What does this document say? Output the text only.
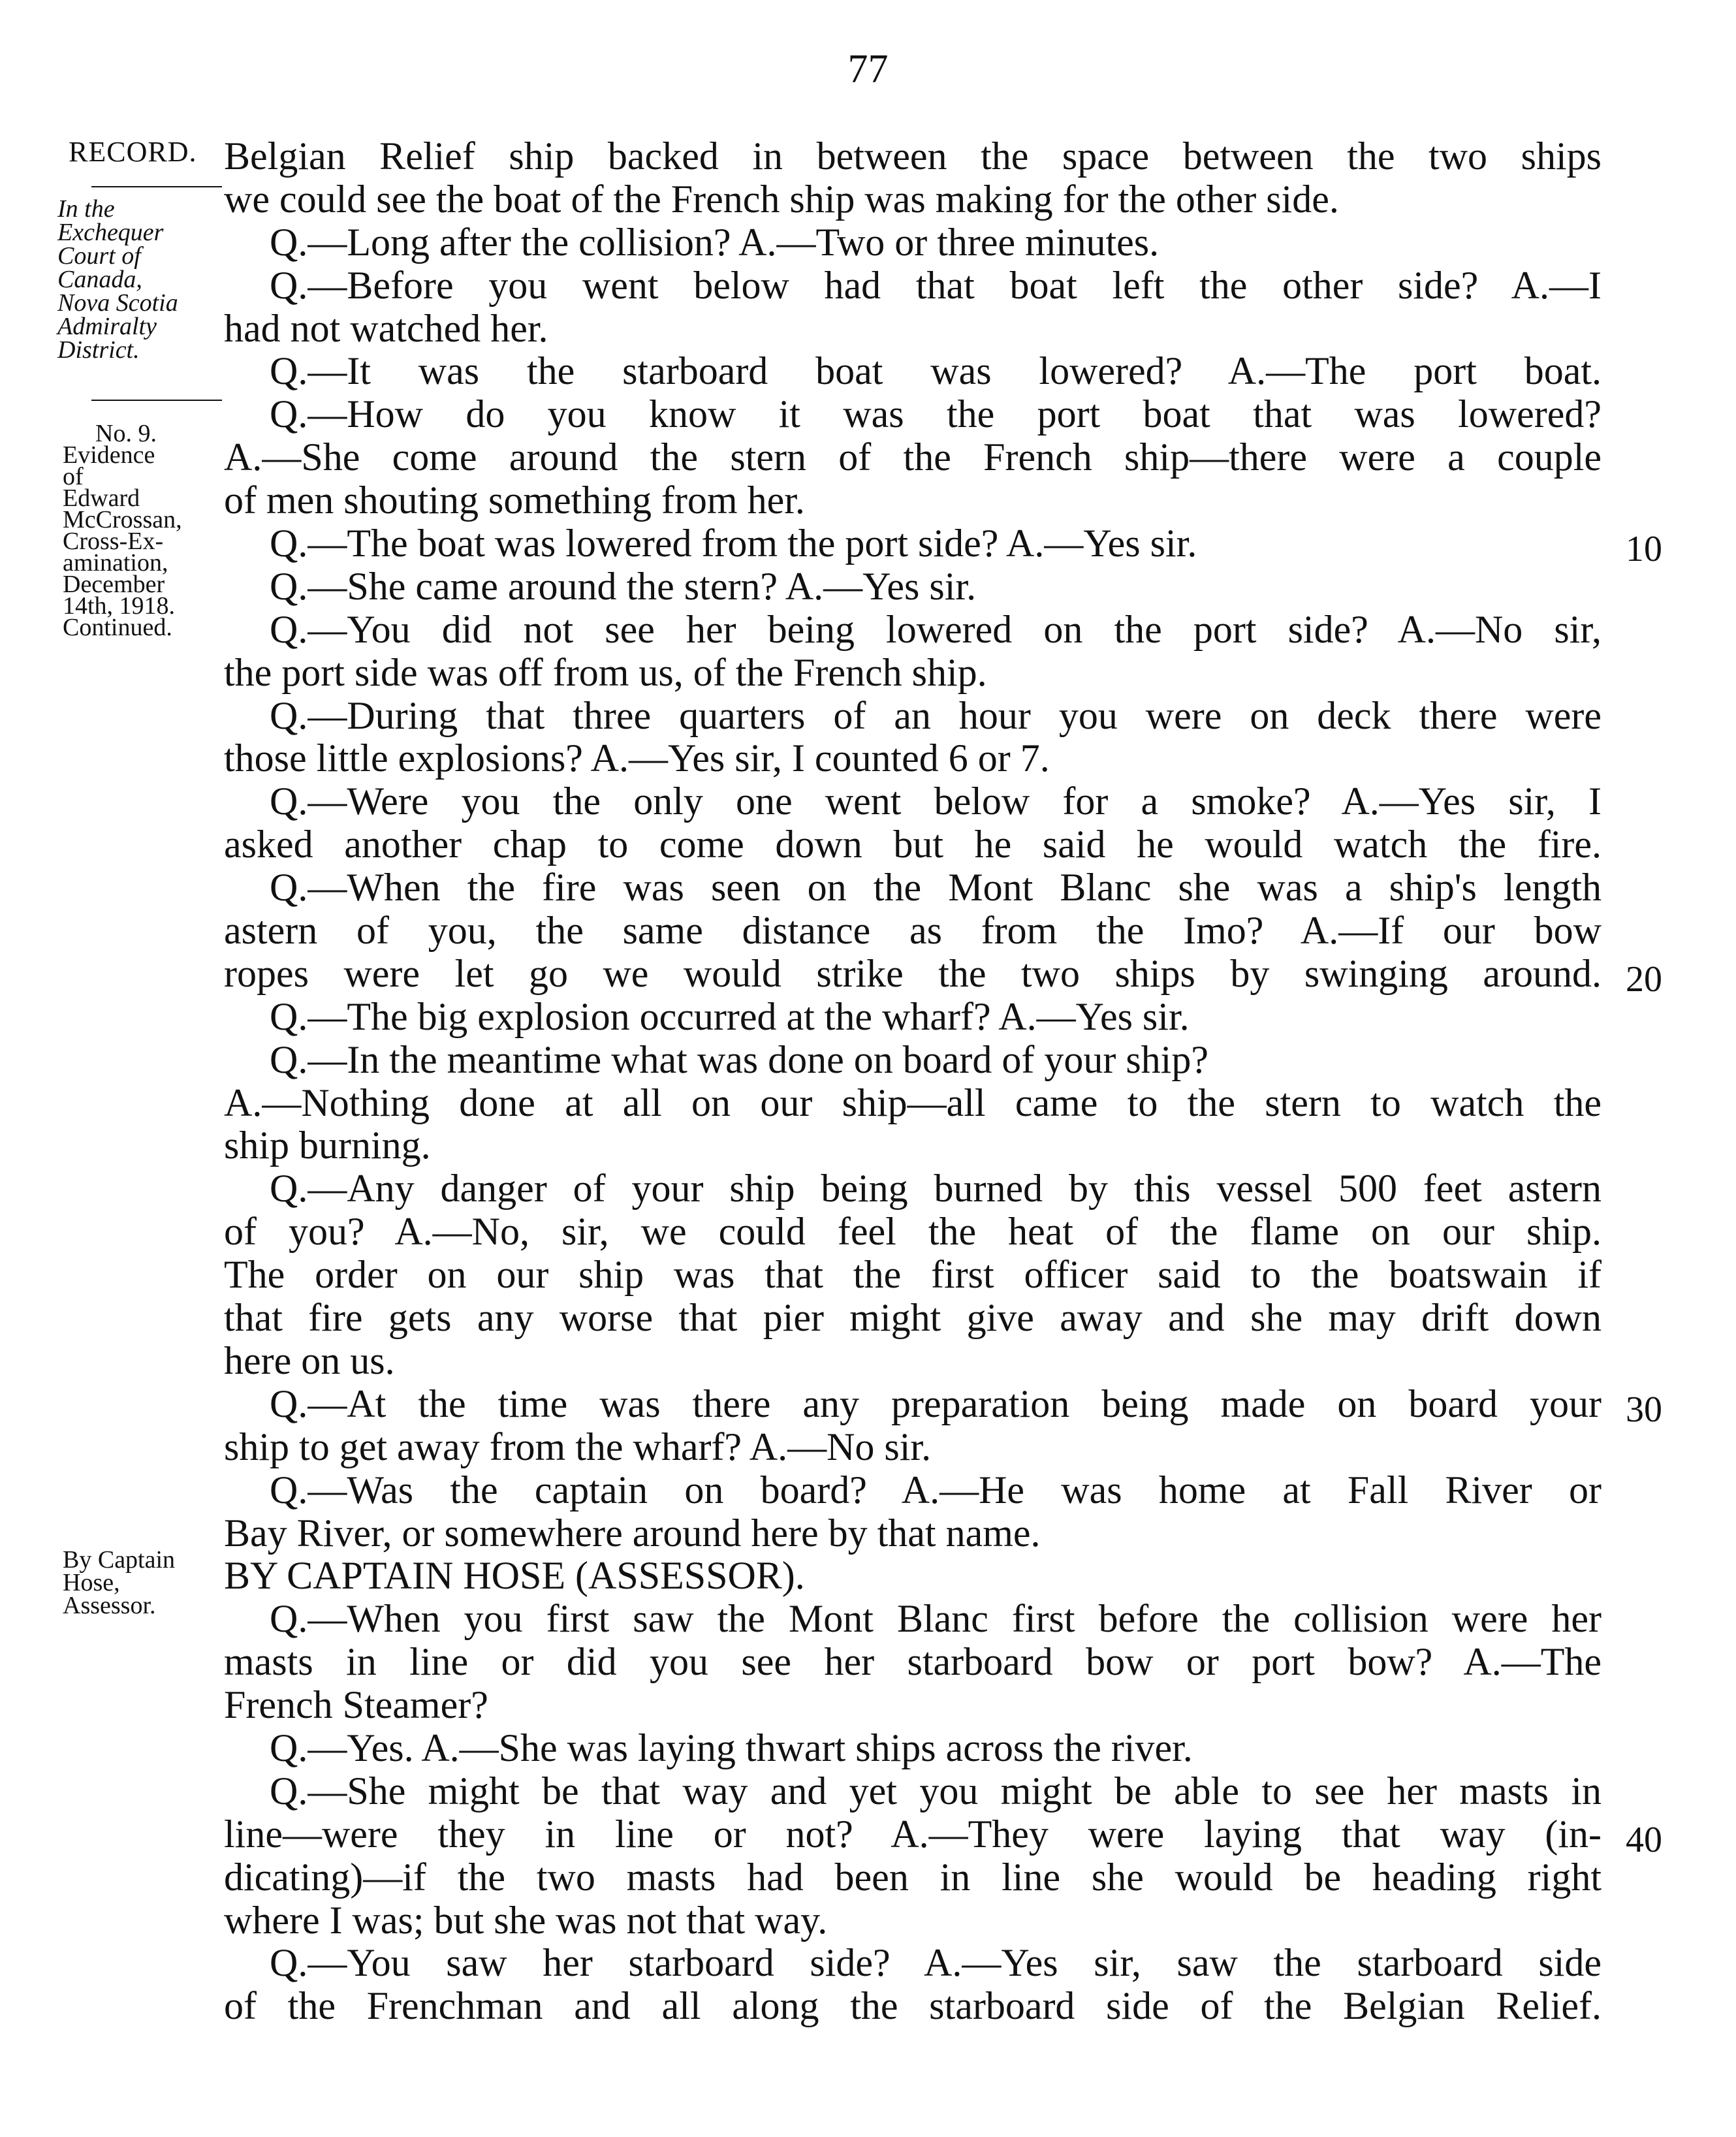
77
RECORD.
In the
Exchequer
Court of
Canada,
Nova Scotia
Admiralty
District.
No. 9.
Evidence
of
Edward
McCrossan,
Cross-Ex-
amination,
December
14th, 1918.
Continued.
By Captain
Hose,
Assessor.
Belgian Relief ship backed in between the space between the two ships
we could see the boat of the French ship was making for the other side.
Q.—Long after the collision? A.—Two or three minutes.
Q.—Before you went below had that boat left the other side? A.—I
had not watched her.
Q.—It was the starboard boat was lowered? A.—The port boat.
Q.—How do you know it was the port boat that was lowered?
A.—She come around the stern of the French ship—there were a couple
of men shouting something from her.
Q.—The boat was lowered from the port side? A.—Yes sir.
Q.—She came around the stern? A.—Yes sir.
Q.—You did not see her being lowered on the port side? A.—No sir,
the port side was off from us, of the French ship.
Q.—During that three quarters of an hour you were on deck there were
those little explosions? A.—Yes sir, I counted 6 or 7.
Q.—Were you the only one went below for a smoke? A.—Yes sir, I
asked another chap to come down but he said he would watch the fire.
Q.—When the fire was seen on the Mont Blanc she was a ship's length
astern of you, the same distance as from the Imo? A.—If our bow
ropes were let go we would strike the two ships by swinging around.
Q.—The big explosion occurred at the wharf? A.—Yes sir.
Q.—In the meantime what was done on board of your ship?
A.—Nothing done at all on our ship—all came to the stern to watch the
ship burning.
Q.—Any danger of your ship being burned by this vessel 500 feet astern
of you? A.—No, sir, we could feel the heat of the flame on our ship.
The order on our ship was that the first officer said to the boatswain if
that fire gets any worse that pier might give away and she may drift down
here on us.
Q.—At the time was there any preparation being made on board your
ship to get away from the wharf? A.—No sir.
Q.—Was the captain on board? A.—He was home at Fall River or
Bay River, or somewhere around here by that name.
BY CAPTAIN HOSE (ASSESSOR).
Q.—When you first saw the Mont Blanc first before the collision were her
masts in line or did you see her starboard bow or port bow? A.—The
French Steamer?
Q.—Yes. A.—She was laying thwart ships across the river.
Q.—She might be that way and yet you might be able to see her masts in
line—were they in line or not? A.—They were laying that way (in-
dicating)—if the two masts had been in line she would be heading right
where I was; but she was not that way.
Q.—You saw her starboard side? A.—Yes sir, saw the starboard side
of the Frenchman and all along the starboard side of the Belgian Relief.
10
20
30
40
